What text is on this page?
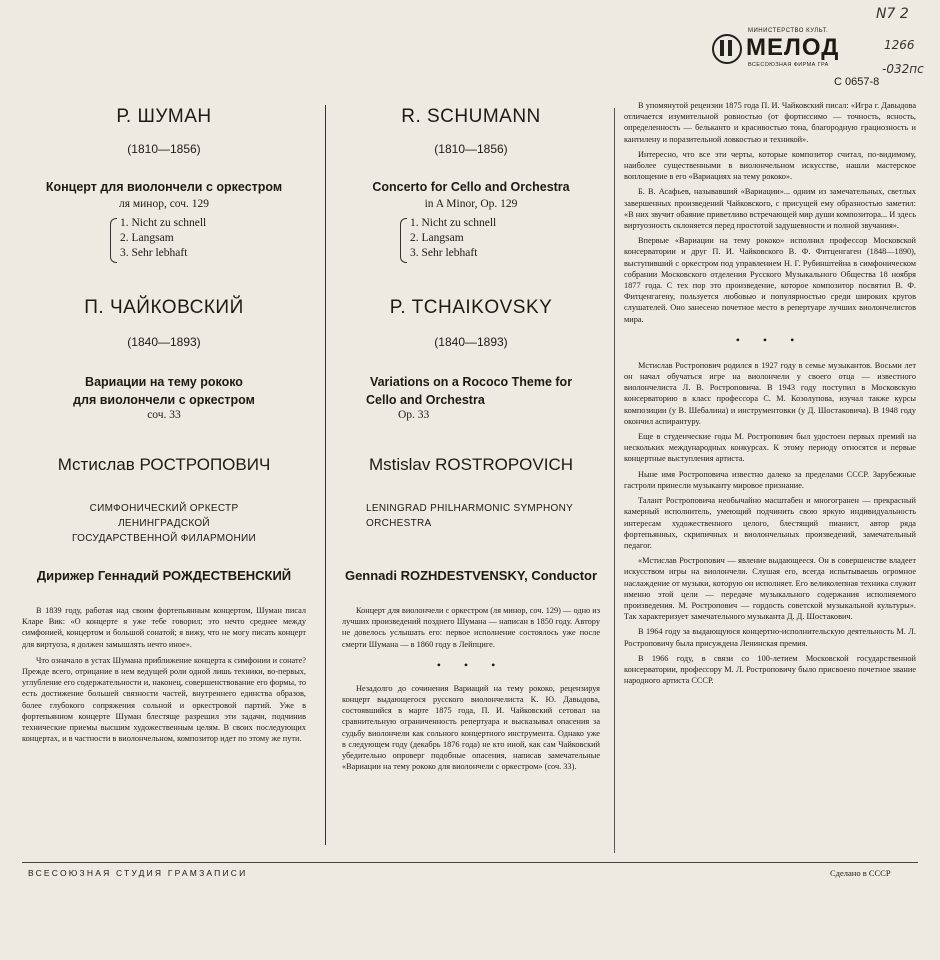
МИНИСТЕРСТВО КУЛЬТ.
МЕЛОД
ВСЕСОЮЗНАЯ ФИРМА ГРА
С 0657-8
N7 2
1266
-032пс
Р. ШУМАН
(1810—1856)
Концерт для виолончели с оркестром
ля минор, соч. 129
1. Nicht zu schnell
2. Langsam
3. Sehr lebhaft
П. ЧАЙКОВСКИЙ
(1840—1893)
Вариации на тему рококо
для виолончели с оркестром
соч. 33
Мстислав РОСТРОПОВИЧ
СИМФОНИЧЕСКИЙ ОРКЕСТР
ЛЕНИНГРАДСКОЙ
ГОСУДАРСТВЕННОЙ ФИЛАРМОНИИ
Дирижер Геннадий РОЖДЕСТВЕНСКИЙ

В 1839 году, работая над своим фортепьянным концертом, Шуман писал Кларе Вик: «О концерте я уже тебе говорил; это нечто среднее между симфонией, концертом и большой сонатой; я вижу, что не могу писать концерт для виртуоза, я должен замышлять нечто иное».

Что означало в устах Шумана приближение концерта к симфонии и сонате? Прежде всего, отрицание в нем ведущей роли одной лишь техники, во-первых, углубление его содержательности и, наконец, совершенствование его формы, то есть достижение большей связности частей, внутреннего единства образов, более глубокого сопряжения сольной и оркестровой партий. Уже в фортепьянном концерте Шуман блестяще разрешил эти задачи, подчинив технические приемы высшим художественным целям. В своих последующих концертах, и в частности в виолончельном, композитор идет по этому же пути.

R. SCHUMANN
(1810—1856)
Concerto for Cello and Orchestra
in A Minor, Op. 129
1. Nicht zu schnell
2. Langsam
3. Sehr lebhaft
P. TCHAIKOVSKY
(1840—1893)
Variations on a Rococo Theme for
Cello and Orchestra
Op. 33
Mstislav ROSTROPOVICH
LENINGRAD PHILHARMONIC SYMPHONY
ORCHESTRA
Gennadi ROZHDESTVENSKY, Conductor

Концерт для виолончели с оркестром (ля минор, соч. 129) — одно из лучших произведений позднего Шумана — написан в 1850 году. Автору не довелось услышать его: первое исполнение состоялось уже после смерти Шумана — в 1860 году в Лейпциге.

• • •

Незадолго до сочинения Вариаций на тему рококо, рецензируя концерт выдающегося русского виолончелиста К. Ю. Давыдова, состоявшийся в марте 1875 года, П. И. Чайковский сетовал на сравнительную ограниченность репертуара и высказывал опасения за судьбу виолончели как сольного концертного инструмента. Однако уже в следующем году (декабрь 1876 года) не кто иной, как сам Чайковский убедительно опроверг подобные опасения, написав замечательные «Вариации на тему рококо для виолончели с оркестром» (соч. 33).

В упомянутой рецензии 1875 года П. И. Чайковский писал: «Игра г. Давыдова отличается изумительной ровностью (от фортиссимо — точность, ясность, определенность — бельканто и красивостью тона, благородную грациозность и кантилену и поразительной ловкостью и техникой».

Интересно, что все эти черты, которые композитор считал, по-видимому, наиболее существенными в виолончельном искусстве, нашли мастерское воплощение в его «Вариациях на тему рококо».

Б. В. Асафьев, называвший «Вариации»... одним из замечательных, светлых завершенных произведений Чайковского, с присущей ему образностью заметил: «В них звучит обаяние приветливо встречающей мир души композитора... И здесь виртуозность склоняется перед простотой задушевности и полной звучания».

Впервые «Вариации на тему рококо» исполнил профессор Московской консерватории и друг П. И. Чайковского В. Ф. Фитценгаген (1848—1890), выступивший с оркестром под управлением Н. Г. Рубинштейна в симфоническом собрании Московского отделения Русского Музыкального Общества 18 ноября 1877 года. С тех пор это произведение, которое композитор посвятил В. Ф. Фитценгагену, пользуется любовью и популярностью среди широких кругов слушателей. Оно занесено почетное место в репертуаре лучших виолончелистов мира.

• • •

Мстислав Ростропович родился в 1927 году в семье музыкантов. Восьми лет он начал обучаться игре на виолончели у своего отца — известного виолончелиста Л. В. Ростроповича. В 1943 году поступил в Московскую консерваторию в класс профессора С. М. Козолупова, изучал также курсы композиции (у В. Шебалина) и инструментовки (у Д. Шостаковича). В 1948 году окончил аспирантуру.

Еще в студенческие годы М. Ростропович был удостоен первых премий на нескольких международных конкурсах. К этому периоду относятся и первые концертные выступления артиста.

Ныне имя Ростроповича известно далеко за пределами СССР. Зарубежные гастроли принесли музыканту мировое признание.

Талант Ростроповича необычайно масштабен и многогранен — прекрасный камерный исполнитель, умеющий подчинить свою яркую индивидуальность интересам художественного целого, блестящий пианист, автор ряда фортепьянных, скрипичных и виолончельных произведений, замечательный педагог.

«Мстислав Ростропович — явление выдающееся. Он в совершенстве владеет искусством игры на виолончели. Слушая его, всегда испытываешь огромное наслаждение от музыки, которую он исполняет. Его великолепная техника служит именно этой цели — передаче музыкального содержания исполняемого произведения. М. Ростропович — гордость советской музыкальной культуры». Так характеризует замечательного музыканта Д. Д. Шостакович.

В 1964 году за выдающуюся концертно-исполнительскую деятельность М. Л. Ростроповичу была присуждена Ленинская премия.

В 1966 году, в связи со 100-летием Московской государственной консерватории, профессору М. Л. Ростроповичу было присвоено почетное звание народного артиста СССР.

ВСЕСОЮЗНАЯ СТУДИЯ ГРАМЗАПИСИ	Сделано в СССР
